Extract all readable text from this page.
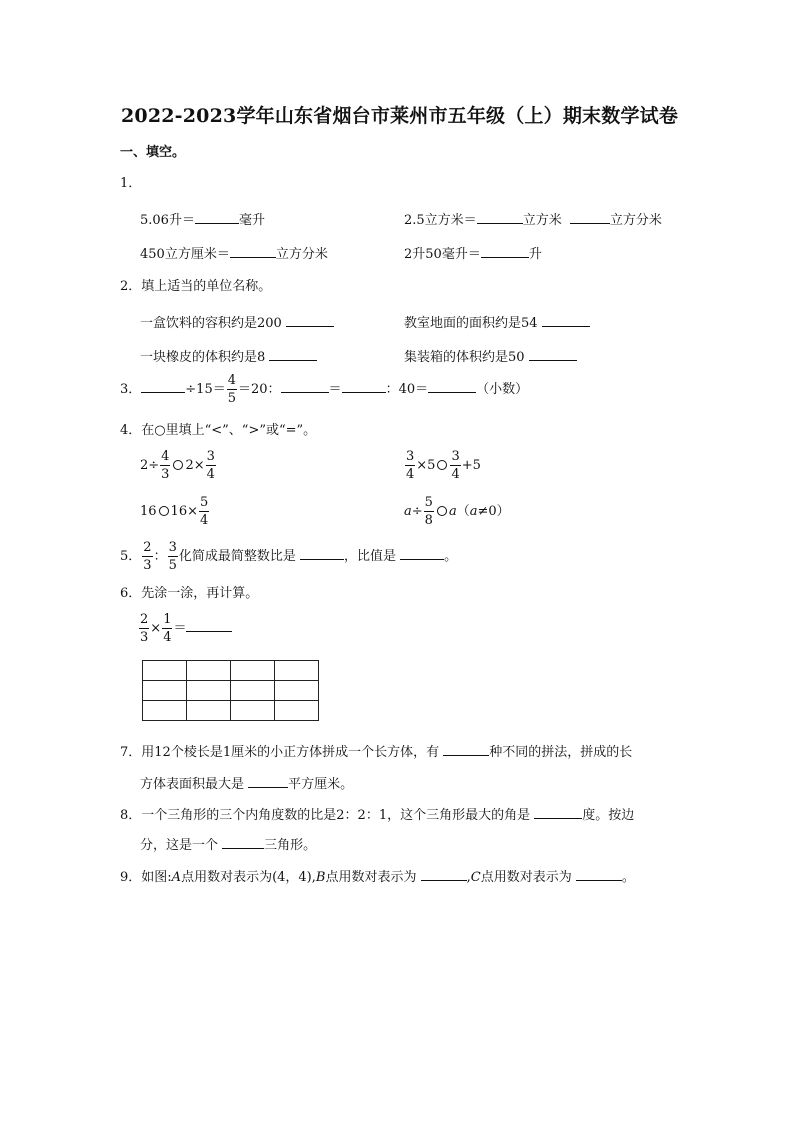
2022-2023学年山东省烟台市莱州市五年级（上）期末数学试卷
一、填空。
1．
5.06升＝	毫升	2.5立方米＝	立方米	立方分米
450立方厘米＝	立方分米	2升50毫升＝	升
2．填上适当的单位名称。
一盒饮料的容积约是200	教室地面的面积约是54
一块橡皮的体积约是8	集装箱的体积约是50
3．	$\div 15= \frac{4}{5} =20$：	＝	：40＝	（小数）
4．在○里填上“<”、“>”或“=”。
$2\div \frac{4}{3} 2\times \frac{3}{4}$	$\frac{3}{4} \times 5 \frac{3}{4} +5$
16 $16\times \frac{5}{4}$	$a\div \frac{5}{8} a(a\ne 0)$
5． $\frac{2}{3}$ ： $\frac{3}{5}$ 化简成最简整数比是	，比值是	。
6．先涂一涂，再计算。
$\frac{2}{3} \times \frac{1}{4}$ ＝

7．用12个棱长是1厘米的小正方体拼成一个长方体，有	种不同的拼法，拼成的长
方体表面积最大是	平方厘米。
8．一个三角形的三个内角度数的比是2：2：1，这个三角形最大的角是	度。按边
分，这是一个	三角形。
9．如图:A点用数对表示为(4，4),B点用数对表示为	,C点用数对表示为	。
